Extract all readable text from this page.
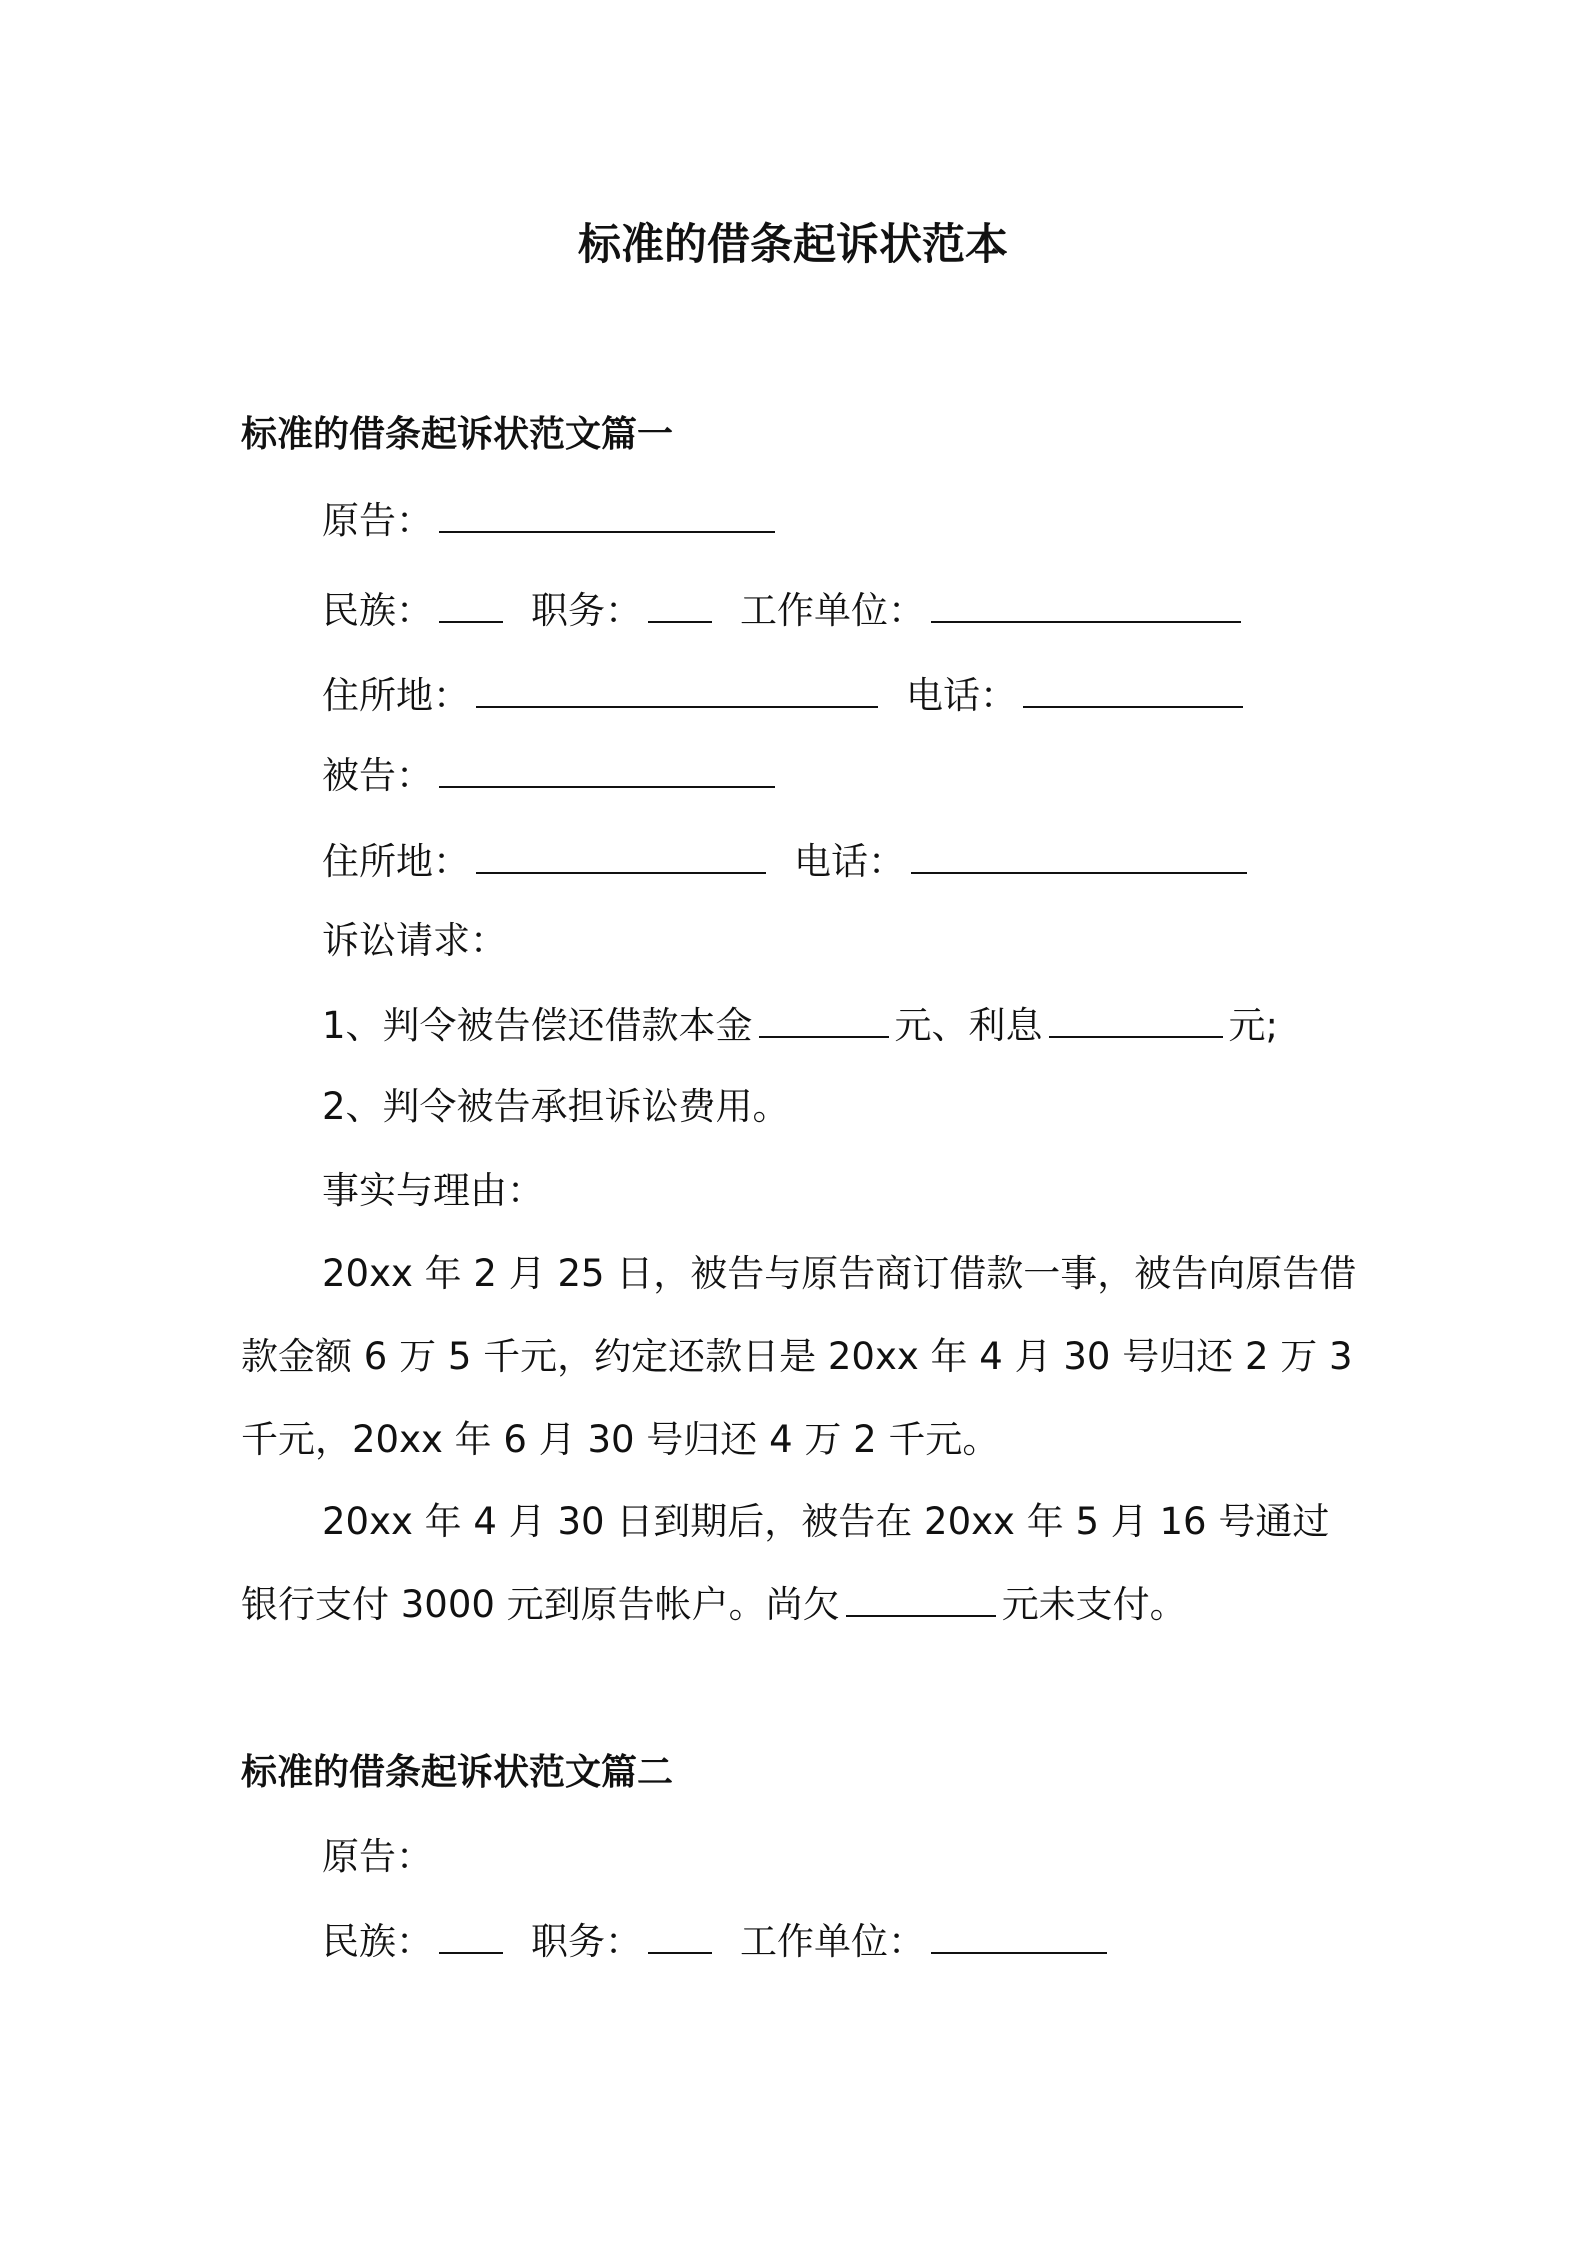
标准的借条起诉状范本
标准的借条起诉状范文篇一
原告：
民族：	职务：	工作单位：
住所地：	电话：
被告：
住所地：	电话：
诉讼请求：
1、判令被告偿还借款本金	元、利息	元;
2、判令被告承担诉讼费用。
事实与理由：

20xx 年 2 月 25 日，被告与原告商订借款一事，被告向原告借款金额 6 万 5 千元，约定还款日是 20xx 年 4 月 30 号归还 2 万 3 千元，20xx 年 6 月 30 号归还 4 万 2 千元。

20xx 年 4 月 30 日到期后，被告在 20xx 年 5 月 16 号通过银行支付 3000 元到原告帐户。尚欠	元未支付。

标准的借条起诉状范文篇二
原告：
民族：	职务：	工作单位：
